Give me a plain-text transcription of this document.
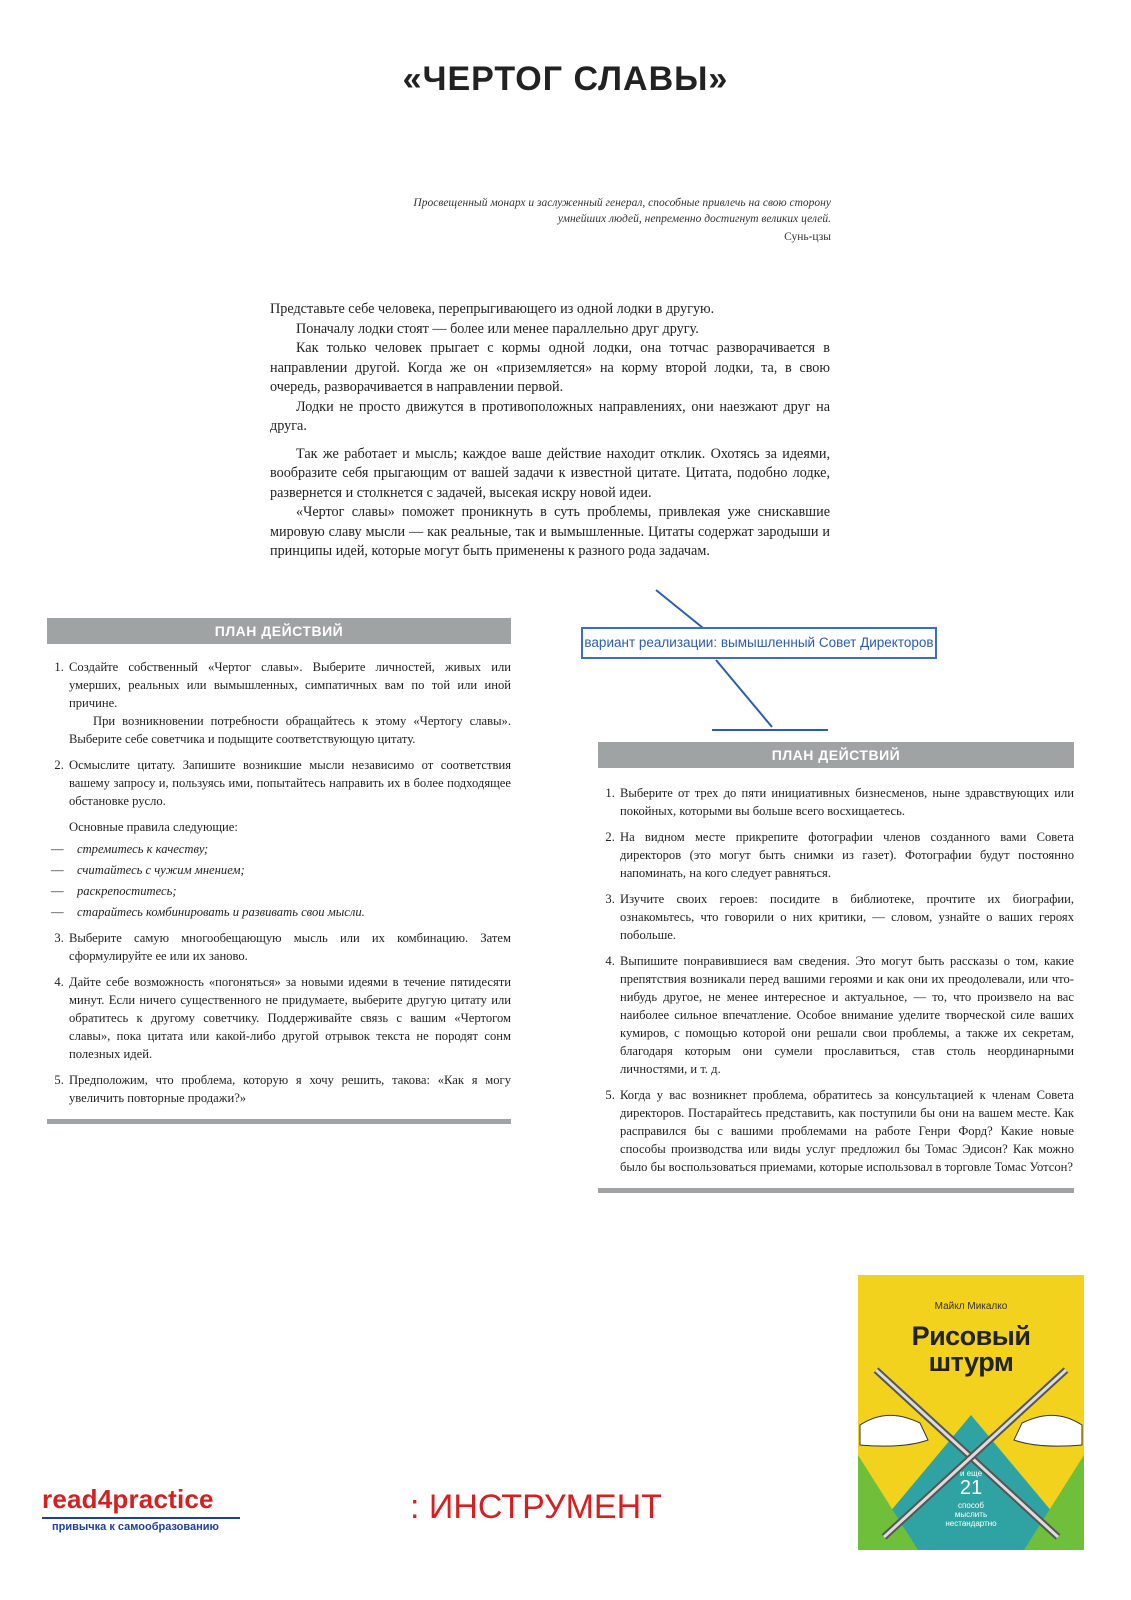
«ЧЕРТОГ СЛАВЫ»
Просвещенный монарх и заслуженный генерал, способные привлечь на свою сторону
умнейших людей, непременно достигнут великих целей.
Сунь-цзы

Представьте себе человека, перепрыгивающего из одной лодки в другую.

Поначалу лодки стоят — более или менее параллельно друг другу.

Как только человек прыгает с кормы одной лодки, она тотчас разворачивается в направлении другой. Когда же он «приземляется» на корму второй лодки, та, в свою очередь, разворачивается в направлении первой.

Лодки не просто движутся в противоположных направлениях, они наезжают друг на друга.

Так же работает и мысль; каждое ваше действие находит отклик. Охотясь за идеями, вообразите себя прыгающим от вашей задачи к известной цитате. Цитата, подобно лодке, развернется и столкнется с задачей, высекая искру новой идеи.

«Чертог славы» поможет проникнуть в суть проблемы, привлекая уже снискавшие мировую славу мысли — как реальные, так и вымышленные. Цитаты содержат зародыши и принципы идей, которые могут быть применены к разного рода задачам.

ПЛАН ДЕЙСТВИЙ
1. Создайте собственный «Чертог славы». Выберите личностей, живых или умерших, реальных или вымышленных, симпатичных вам по той или иной причине.
При возникновении потребности обращайтесь к этому «Чертогу славы». Выберите себе советчика и подыщите соответствующую цитату.
2. Осмыслите цитату. Запишите возникшие мысли независимо от соответствия вашему запросу и, пользуясь ими, попытайтесь направить их в более подходящее обстановке русло.
Основные правила следующие:
— стремитесь к качеству;
— считайтесь с чужим мнением;
— раскрепоститесь;
— старайтесь комбинировать и развивать свои мысли.
3. Выберите самую многообещающую мысль или их комбинацию. Затем сформулируйте ее или их заново.
4. Дайте себе возможность «погоняться» за новыми идеями в течение пятидесяти минут. Если ничего существенного не придумаете, выберите другую цитату или обратитесь к другому советчику. Поддерживайте связь с вашим «Чертогом славы», пока цитата или какой-либо другой отрывок текста не породят сонм полезных идей.
5. Предположим, что проблема, которую я хочу решить, такова: «Как я могу увеличить повторные продажи?»
вариант реализации: вымышленный Совет Директоров
ПЛАН ДЕЙСТВИЙ
1. Выберите от трех до пяти инициативных бизнесменов, ныне здравствующих или покойных, которыми вы больше всего восхищаетесь.
2. На видном месте прикрепите фотографии членов созданного вами Совета директоров (это могут быть снимки из газет). Фотографии будут постоянно напоминать, на кого следует равняться.
3. Изучите своих героев: посидите в библиотеке, прочтите их биографии, ознакомьтесь, что говорили о них критики, — словом, узнайте о ваших героях побольше.
4. Выпишите понравившиеся вам сведения. Это могут быть рассказы о том, какие препятствия возникали перед вашими героями и как они их преодолевали, или что-нибудь другое, не менее интересное и актуальное, — то, что произвело на вас наиболее сильное впечатление. Особое внимание уделите творческой силе ваших кумиров, с помощью которой они решали свои проблемы, а также их секретам, благодаря которым они сумели прославиться, став столь неординарными личностями, и т. д.
5. Когда у вас возникнет проблема, обратитесь за консультацией к членам Совета директоров. Постарайтесь представить, как поступили бы они на вашем месте. Как расправился бы с вашими проблемами на работе Генри Форд? Какие новые способы производства или виды услуг предложил бы Томас Эдисон? Как можно было бы воспользоваться приемами, которые использовал в торговле Томас Уотсон?
read4practice
привычка к самообразованию
: ИНСТРУМЕНТ
Майкл Микалко
Рисовый
штурм
и еще
21
способ
мыслить
нестандартно
